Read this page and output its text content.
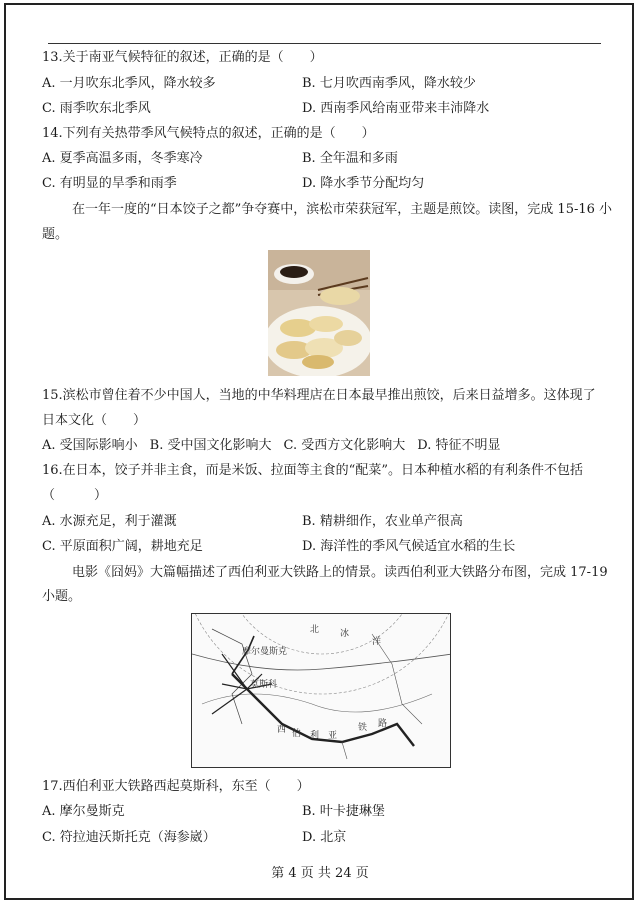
13.关于南亚气候特征的叙述，正确的是（　　）
A. 一月吹东北季风，降水较多	B. 七月吹西南季风，降水较少
C. 雨季吹东北季风	D. 西南季风给南亚带来丰沛降水
14.下列有关热带季风气候特点的叙述，正确的是（　　）
A. 夏季高温多雨，冬季寒冷	B. 全年温和多雨
C. 有明显的旱季和雨季	D. 降水季节分配均匀
在一年一度的“日本饺子之都”争夺赛中，滨松市荣获冠军，主题是煎饺。读图，完成 15-16 小
题。
15.滨松市曾住着不少中国人，当地的中华料理店在日本最早推出煎饺，后来日益增多。这体现了
日本文化（　　）
A. 受国际影响小 B. 受中国文化影响大 C. 受西方文化影响大 D. 特征不明显
16.在日本，饺子并非主食，而是米饭、拉面等主食的“配菜”。日本种植水稻的有利条件不包括
（　　　）
A. 水源充足，利于灌溉	B. 精耕细作，农业单产很高
C. 平原面积广阔，耕地充足	D. 海洋性的季风气候适宜水稻的生长
电影《囧妈》大篇幅描述了西伯利亚大铁路上的情景。读西伯利亚大铁路分布图，完成 17-19
小题。
北 冰
洋
摩尔曼斯克
莫斯科
西 伯 利 亚
铁 路
17.西伯利亚大铁路西起莫斯科，东至（　　）
A. 摩尔曼斯克	B. 叶卡捷琳堡
C. 符拉迪沃斯托克（海参崴）	D. 北京
第 4 页 共 24 页
